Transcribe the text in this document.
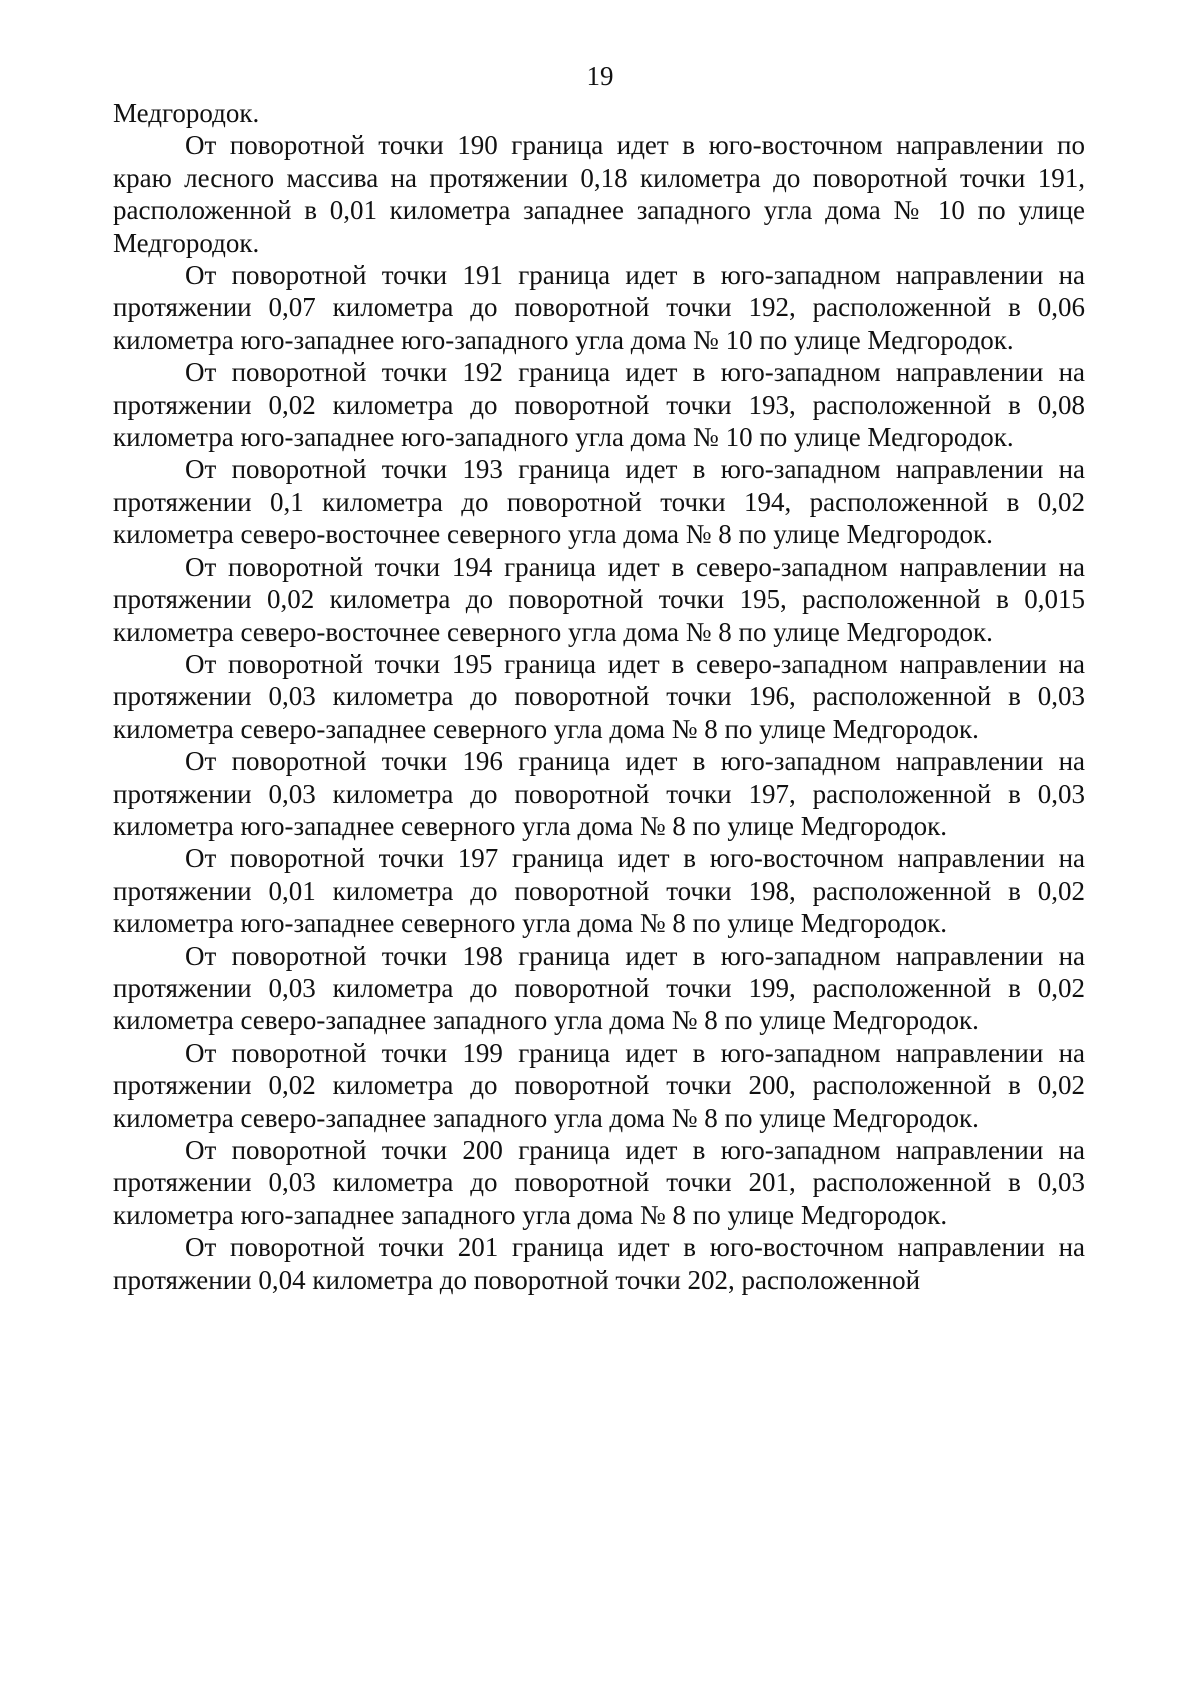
19

Медгородок.

От поворотной точки 190 граница идет в юго-восточном направлении по краю лесного массива на протяжении 0,18 километра до поворотной точки 191, расположенной в 0,01 километра западнее западного угла дома № 10 по улице Медгородок.

От поворотной точки 191 граница идет в юго-западном направлении на протяжении 0,07 километра до поворотной точки 192, расположенной в 0,06 километра юго-западнее юго-западного угла дома № 10 по улице Медгородок.

От поворотной точки 192 граница идет в юго-западном направлении на протяжении 0,02 километра до поворотной точки 193, расположенной в 0,08 километра юго-западнее юго-западного угла дома № 10 по улице Медгородок.

От поворотной точки 193 граница идет в юго-западном направлении на протяжении 0,1 километра до поворотной точки 194, расположенной в 0,02 километра северо-восточнее северного угла дома № 8 по улице Медгородок.

От поворотной точки 194 граница идет в северо-западном направлении на протяжении 0,02 километра до поворотной точки 195, расположенной в 0,015 километра северо-восточнее северного угла дома № 8 по улице Медгородок.

От поворотной точки 195 граница идет в северо-западном направлении на протяжении 0,03 километра до поворотной точки 196, расположенной в 0,03 километра северо-западнее северного угла дома № 8 по улице Медгородок.

От поворотной точки 196 граница идет в юго-западном направлении на протяжении 0,03 километра до поворотной точки 197, расположенной в 0,03 километра юго-западнее северного угла дома № 8 по улице Медгородок.

От поворотной точки 197 граница идет в юго-восточном направлении на протяжении 0,01 километра до поворотной точки 198, расположенной в 0,02 километра юго-западнее северного угла дома № 8 по улице Медгородок.

От поворотной точки 198 граница идет в юго-западном направлении на протяжении 0,03 километра до поворотной точки 199, расположенной в 0,02 километра северо-западнее западного угла дома № 8 по улице Медгородок.

От поворотной точки 199 граница идет в юго-западном направлении на протяжении 0,02 километра до поворотной точки 200, расположенной в 0,02 километра северо-западнее западного угла дома № 8 по улице Медгородок.

От поворотной точки 200 граница идет в юго-западном направлении на протяжении 0,03 километра до поворотной точки 201, расположенной в 0,03 километра юго-западнее западного угла дома № 8 по улице Медгородок.

От поворотной точки 201 граница идет в юго-восточном направлении на протяжении 0,04 километра до поворотной точки 202, расположенной
